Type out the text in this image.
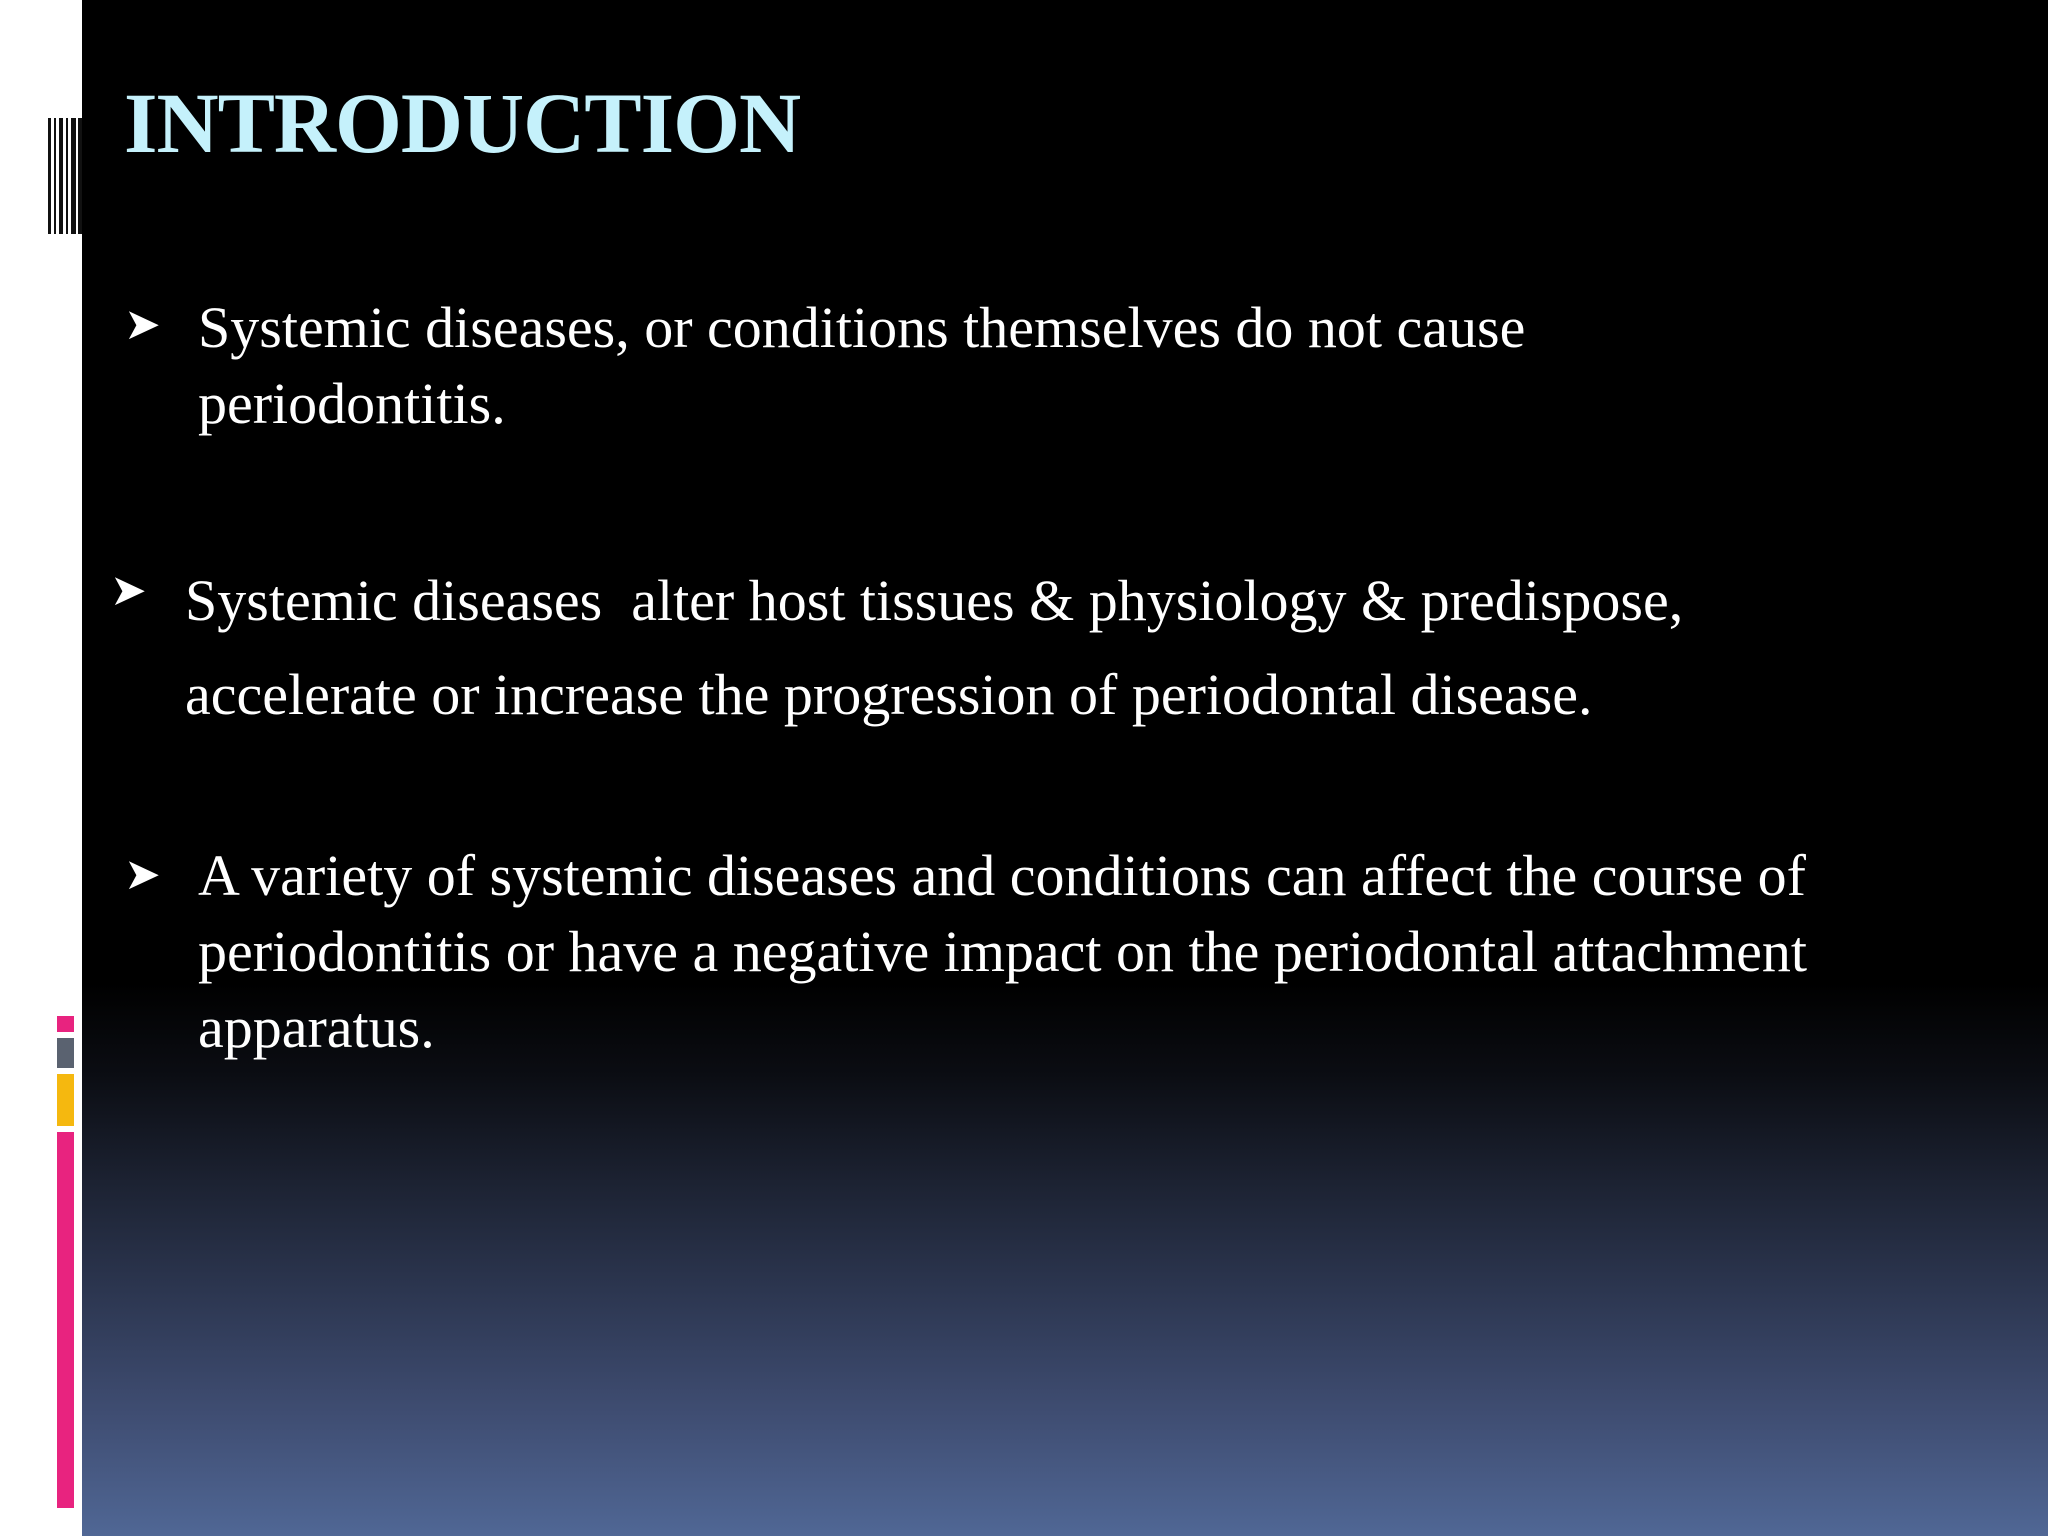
INTRODUCTION
➤ Systemic diseases, or conditions themselves do not cause
periodontitis.
➤ Systemic diseases  alter host tissues & physiology & predispose,
accelerate or increase the progression of periodontal disease.
➤ A variety of systemic diseases and conditions can affect the course of
periodontitis or have a negative impact on the periodontal attachment
apparatus.
